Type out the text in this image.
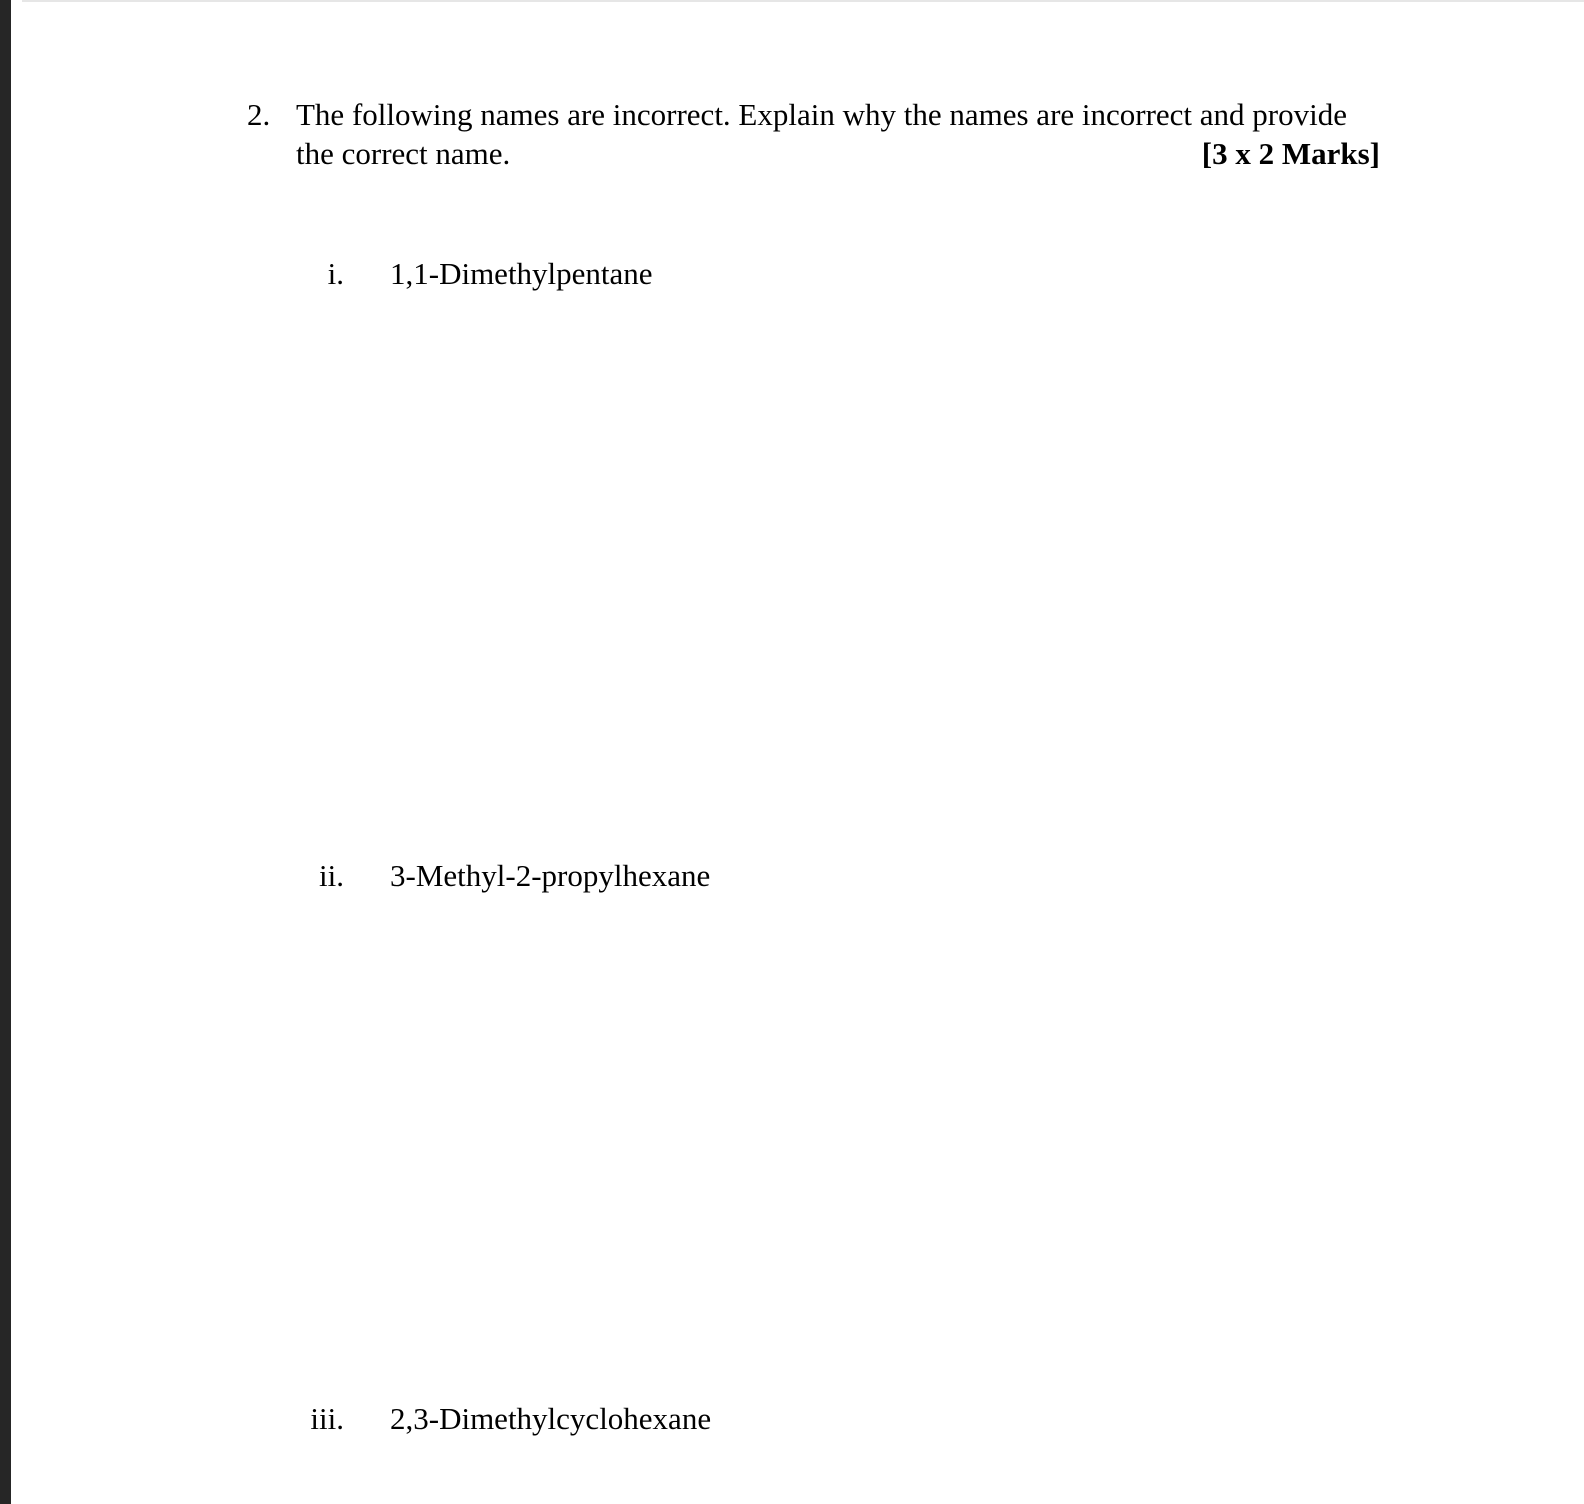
2. The following names are incorrect. Explain why the names are incorrect and provide
the correct name.	[3 x 2 Marks]
i. 1,1-Dimethylpentane
ii. 3-Methyl-2-propylhexane
iii. 2,3-Dimethylcyclohexane
